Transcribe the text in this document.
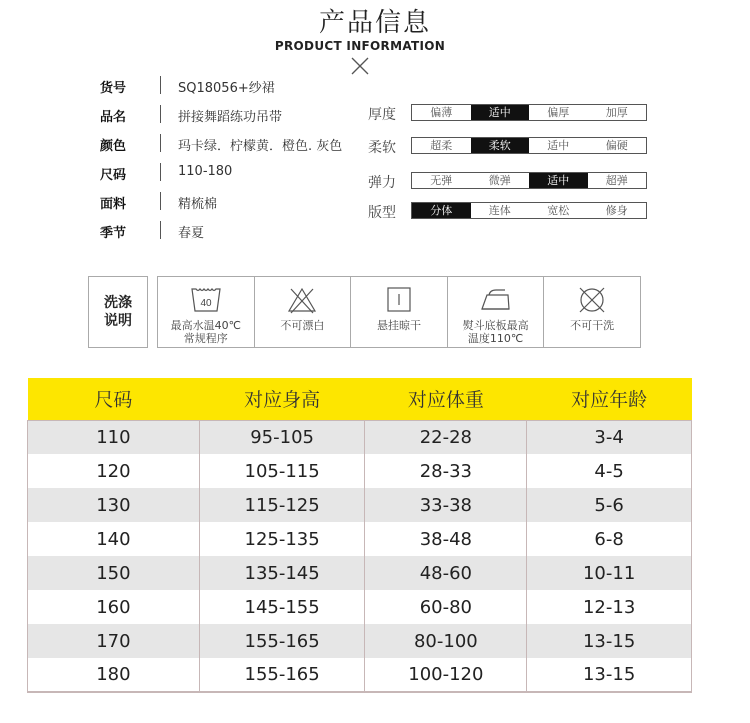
产品信息
PRODUCT INFORMATION
货号	SQ18056+纱裙
品名	拼接舞蹈练功吊带
颜色	玛卡绿．柠檬黄．橙色. 灰色
尺码	110-180
面料	精梳棉
季节	春夏
厚度	偏薄	适中	偏厚	加厚
柔软	超柔	柔软	适中	偏硬
弹力	无弹	微弹	适中	超弹
版型	分体	连体	宽松	修身
洗涤
说明
40
最高水温40℃
常规程序
不可漂白	悬挂晾干	熨斗底板最高
温度110℃
不可干洗
尺码	对应身高	对应体重	对应年龄
110	95-105	22-28	3-4
120	105-115	28-33	4-5
130	115-125	33-38	5-6
140	125-135	38-48	6-8
150	135-145	48-60	10-11
160	145-155	60-80	12-13
170	155-165	80-100	13-15
180	155-165	100-120	13-15
